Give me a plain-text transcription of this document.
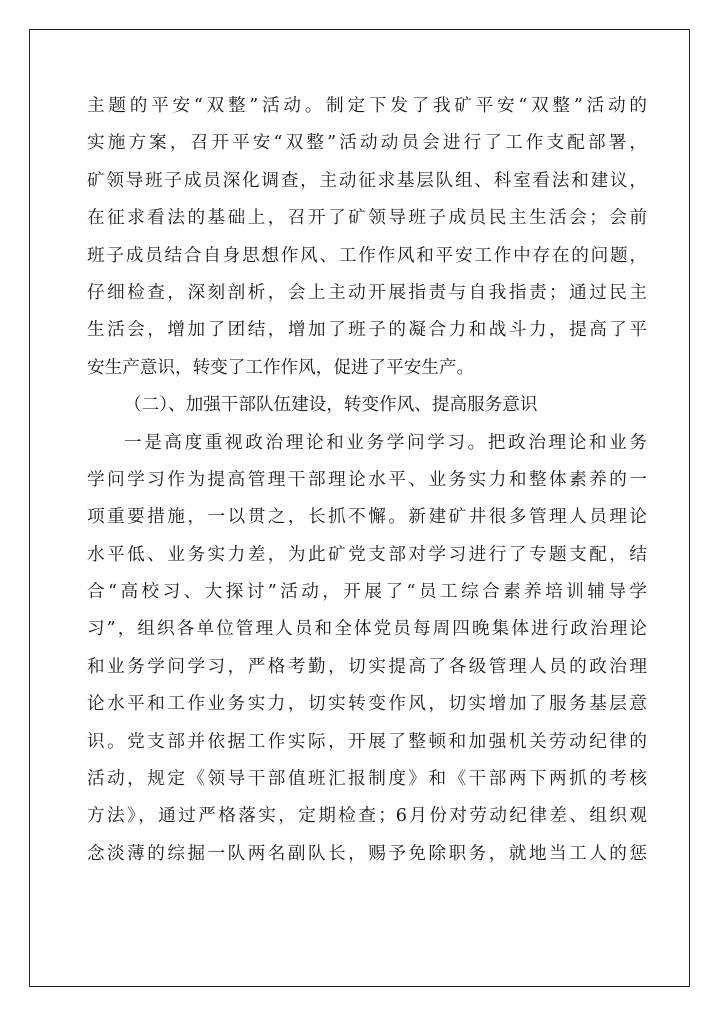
主题的平安“双整”活动。制定下发了我矿平安“双整”活动的
实施方案，召开平安“双整”活动动员会进行了工作支配部署，
矿领导班子成员深化调查，主动征求基层队组、科室看法和建议，
在征求看法的基础上，召开了矿领导班子成员民主生活会；会前
班子成员结合自身思想作风、工作作风和平安工作中存在的问题，
仔细检查，深刻剖析，会上主动开展指责与自我指责；通过民主
生活会，增加了团结，增加了班子的凝合力和战斗力，提高了平
安生产意识，转变了工作作风，促进了平安生产。
（二）、加强干部队伍建设，转变作风、提高服务意识
一是高度重视政治理论和业务学问学习。把政治理论和业务
学问学习作为提高管理干部理论水平、业务实力和整体素养的一
项重要措施，一以贯之，长抓不懈。新建矿井很多管理人员理论
水平低、业务实力差，为此矿党支部对学习进行了专题支配，结
合“高校习、大探讨”活动，开展了“员工综合素养培训辅导学
习”，组织各单位管理人员和全体党员每周四晚集体进行政治理论
和业务学问学习，严格考勤，切实提高了各级管理人员的政治理
论水平和工作业务实力，切实转变作风，切实增加了服务基层意
识。党支部并依据工作实际，开展了整顿和加强机关劳动纪律的
活动，规定《领导干部值班汇报制度》和《干部两下两抓的考核
方法》，通过严格落实，定期检查；6月份对劳动纪律差、组织观
念淡薄的综掘一队两名副队长，赐予免除职务，就地当工人的惩
